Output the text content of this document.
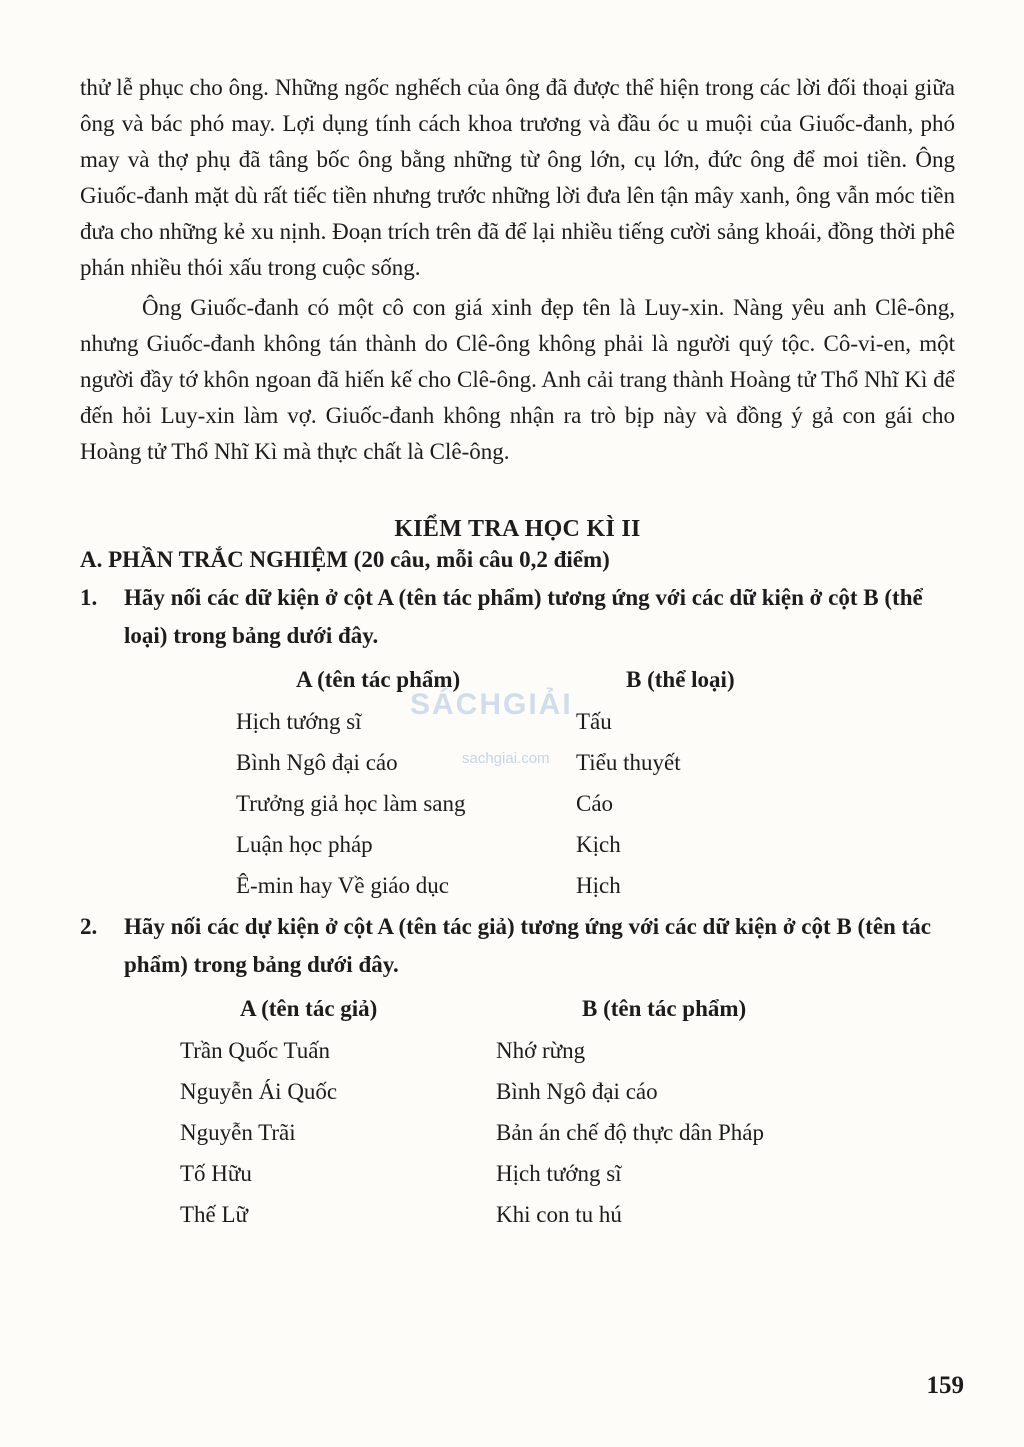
thử lễ phục cho ông. Những ngốc nghếch của ông đã được thể hiện trong các lời đối thoại giữa ông và bác phó may. Lợi dụng tính cách khoa trương và đầu óc u muội của Giuốc-đanh, phó may và thợ phụ đã tâng bốc ông bằng những từ ông lớn, cụ lớn, đức ông để moi tiền. Ông Giuốc-đanh mặt dù rất tiếc tiền nhưng trước những lời đưa lên tận mây xanh, ông vẫn móc tiền đưa cho những kẻ xu nịnh. Đoạn trích trên đã để lại nhiều tiếng cười sảng khoái, đồng thời phê phán nhiều thói xấu trong cuộc sống.

Ông Giuốc-đanh có một cô con giá xinh đẹp tên là Luy-xin. Nàng yêu anh Clê-ông, nhưng Giuốc-đanh không tán thành do Clê-ông không phải là người quý tộc. Cô-vi-en, một người đầy tớ khôn ngoan đã hiến kế cho Clê-ông. Anh cải trang thành Hoàng tử Thổ Nhĩ Kì để đến hỏi Luy-xin làm vợ. Giuốc-đanh không nhận ra trò bịp này và đồng ý gả con gái cho Hoàng tử Thổ Nhĩ Kì mà thực chất là Clê-ông.

KIỂM TRA HỌC KÌ II
A. PHẦN TRẮC NGHIỆM (20 câu, mỗi câu 0,2 điểm)
1.	Hãy nối các dữ kiện ở cột A (tên tác phẩm) tương ứng với các dữ kiện ở cột B (thể loại) trong bảng dưới đây.
A (tên tác phẩm)	B (thể loại)
Hịch tướng sĩ	Tấu
Bình Ngô đại cáo	Tiểu thuyết
Trưởng giả học làm sang	Cáo
Luận học pháp	Kịch
Ê-min hay Về giáo dục	Hịch
2.	Hãy nối các dự kiện ở cột A (tên tác giả) tương ứng với các dữ kiện ở cột B (tên tác phẩm) trong bảng dưới đây.
A (tên tác giả)	B (tên tác phẩm)
Trần Quốc Tuấn	Nhớ rừng
Nguyễn Ái Quốc	Bình Ngô đại cáo
Nguyễn Trãi	Bản án chế độ thực dân Pháp
Tố Hữu	Hịch tướng sĩ
Thế Lữ	Khi con tu hú
SÁCHGIẢI
sachgiai.com
159
